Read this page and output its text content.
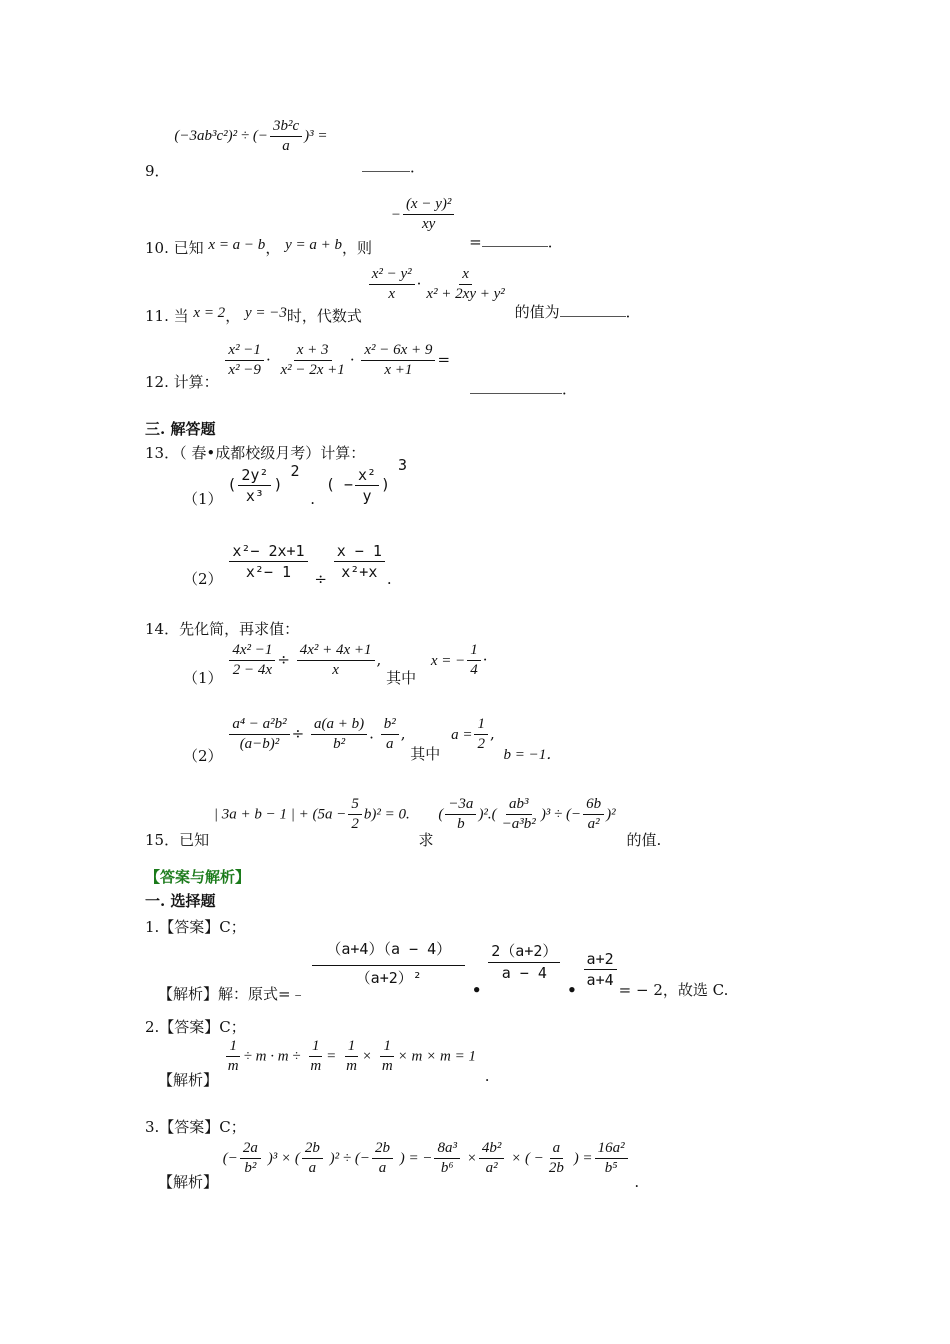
9． (−3ab³c²)² ÷ (− $\frac{\text{3b²c}}{a} )^3$ =
．
10. 已知 x = a − b， y = a + b，则 − $\frac{\text{(x − y)²}}{xy}$
=	．
11. 当 x = 2， y = −3时，代数式
$\frac{\text{x² − y²}}{x} \cdot \frac{x}{\text{x² + 2xy + y²}}$
的值为	．
12. 计算：
$\frac{\text{x² −1}}{\text{x² −9}} \cdot \frac{x + 3}{\text{x² − 2x +1}} \cdot \frac{\text{x² − 6x + 9}}{x +1}$ =
．
三. 解答题
13．（ 春•成都校级月考）计算：
（1） ( $\frac{\text{2y²}}{\text{x³}} )^2$ · ( − $\frac{\text{x²}}{y} )^3$
$(2) \frac{\text{x²− 2x+1}}{\text{x²− 1}} \div \frac{x - 1}{\text{x²+x}}$ .
14．先化简，再求值：
$(1) \frac{\text{4x² −1}}{2 - 4x} \div \frac{\text{4x² + 4x +1}}{x}$ , 其中 x = − $\frac{1}{4}$ ·
（2）
$\frac{\text{a⁴ − a²b²}}{\text{(a−b)²}} \div \frac{a(a + b)}{\text{b²}}$ . $\frac{\text{b²}}{a}$ , 其中 $a = \frac{1}{2}$ , b = −1．
15．已知 | 3a + b − 1 | + $(5a - \frac{5}{2} b)^2 = 0$. 求 ( $\frac{-3a}{b} )^2.( \frac{\text{ab³}}{\text{−a³b²}} )^3$ ÷ (− $\frac{6b}{\text{a²}} )^2$ 的值.
【答案与解析】
一. 选择题
1.【答案】C；
【解析】解：原式=﹣
$\frac{(a+4)(a - 4)}{\text{（a+2）²}}$
•
$\frac{2(a+2)}{a - 4}$
•
$\frac{a+2}{a+4}$
= − 2，故选 C.
2.【答案】C；
【解析】
$\frac{1}{m} \div m \cdot m \div \frac{1}{m} = \frac{1}{m} \times \frac{1}{m} \times m \times m = 1$ .
3.【答案】C；
【解析】 (− $\frac{2a}{\text{b²}} )^3$ × ( $\frac{2b}{a} )^2$ ÷ (− $\frac{2b}{a}$ ) = − $\frac{\text{8a³}}{\text{b⁶}} \times \frac{\text{4b²}}{\text{a²}}$ × ( − $\frac{a}{2b}$ ) = $\frac{\text{16a²}}{\text{b⁵}}$
.
